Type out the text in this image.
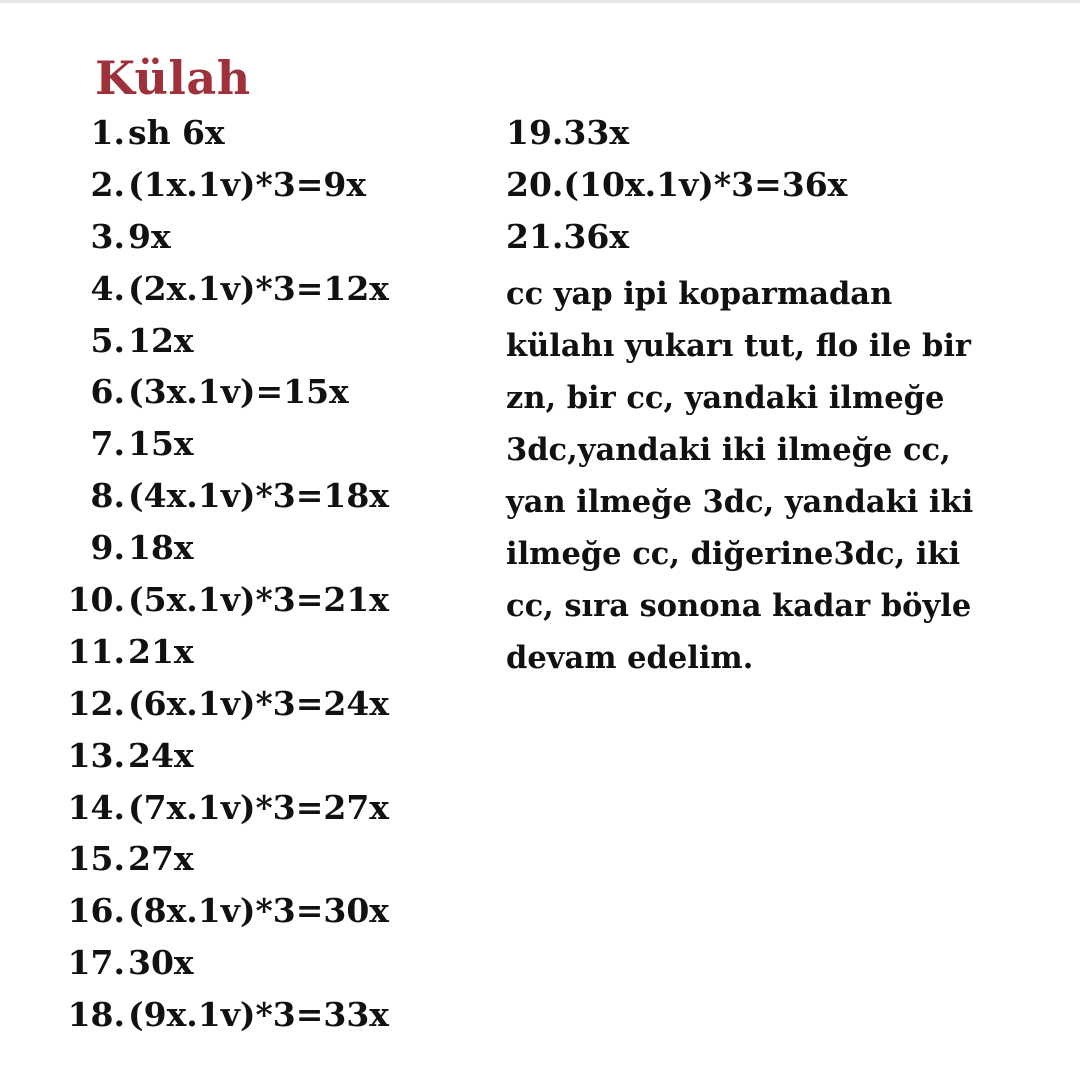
Külah
1. sh 6x
2. (1x.1v)*3=9x
3. 9x
4. (2x.1v)*3=12x
5. 12x
6. (3x.1v)=15x
7. 15x
8. (4x.1v)*3=18x
9. 18x
10. (5x.1v)*3=21x
11. 21x
12. (6x.1v)*3=24x
13. 24x
14. (7x.1v)*3=27x
15. 27x
16. (8x.1v)*3=30x
17. 30x
18. (9x.1v)*3=33x
19. 33x
20. (10x.1v)*3=36x
21. 36x
cc yap ipi koparmadan
külahı yukarı tut, flo ile bir
zn, bir cc, yandaki ilmeğe
3dc,yandaki iki ilmeğe cc,
yan ilmeğe 3dc, yandaki iki
ilmeğe cc, diğerine3dc, iki
cc, sıra sonona kadar böyle
devam edelim.
